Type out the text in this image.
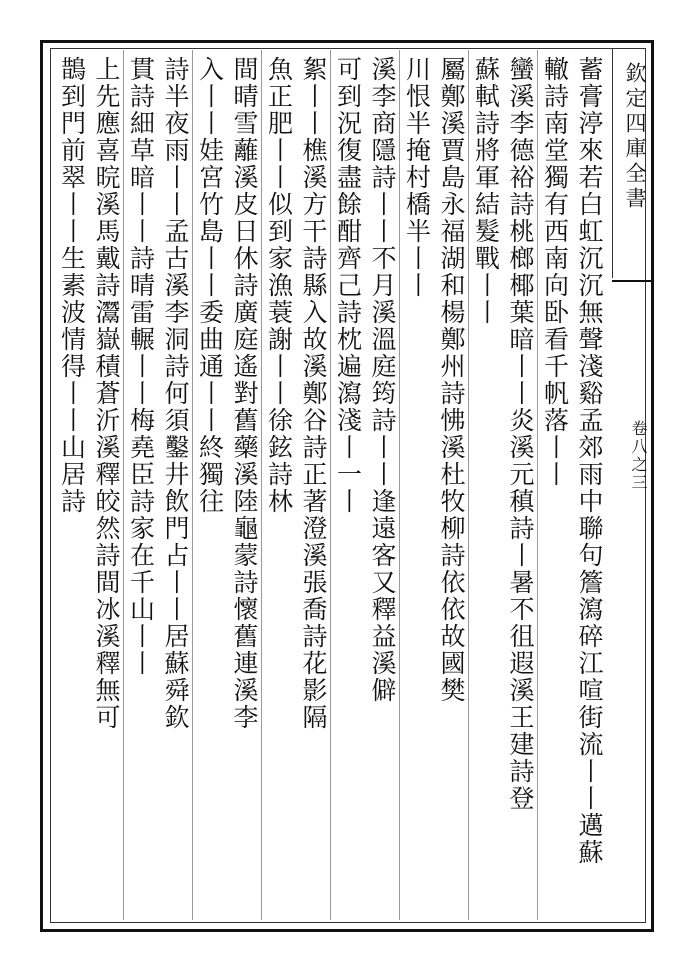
欽定四庫全書
卷八之三
蓄膏渟來若白虹沉沉無聲淺谿孟郊雨中聯句簷瀉碎江喧街流丨丨邁蘇
轍詩南堂獨有西南向卧看千帆落丨丨
蠻溪李德裕詩桃榔椰葉暗丨丨炎溪元稹詩丨暑不徂遐溪王建詩登
蘇軾詩將軍結髮戰丨丨
屬鄭溪賈島永福湖和楊鄭州詩怫溪杜牧柳詩依依故國樊
川恨半掩村橋半丨丨
溪李商隱詩丨丨不月溪溫庭筠詩丨丨逢遠客又釋益溪僻
可到況復盡餘酣齊己詩枕遍瀉淺丨一丨
絮丨丨樵溪方干詩縣入故溪鄭谷詩正著澄溪張喬詩花影隔
魚正肥丨丨似到家漁蓑謝丨丨徐鉉詩林
間晴雪蘺溪皮日休詩廣庭遙對舊藥溪陸龜蒙詩懷舊連溪李
入丨丨娃宮竹島丨丨委曲通丨丨終獨往
詩半夜雨丨丨孟古溪李洞詩何須鑿井飲門占丨丨居蘇舜欽
貫詩細草暗丨丨詩晴雷輾丨丨梅堯臣詩家在千山丨丨
上先應喜晥溪馬戴詩灊嶽積蒼沂溪釋皎然詩間冰溪釋無可
鵲到門前翠丨丨生素波情得丨丨山居詩
